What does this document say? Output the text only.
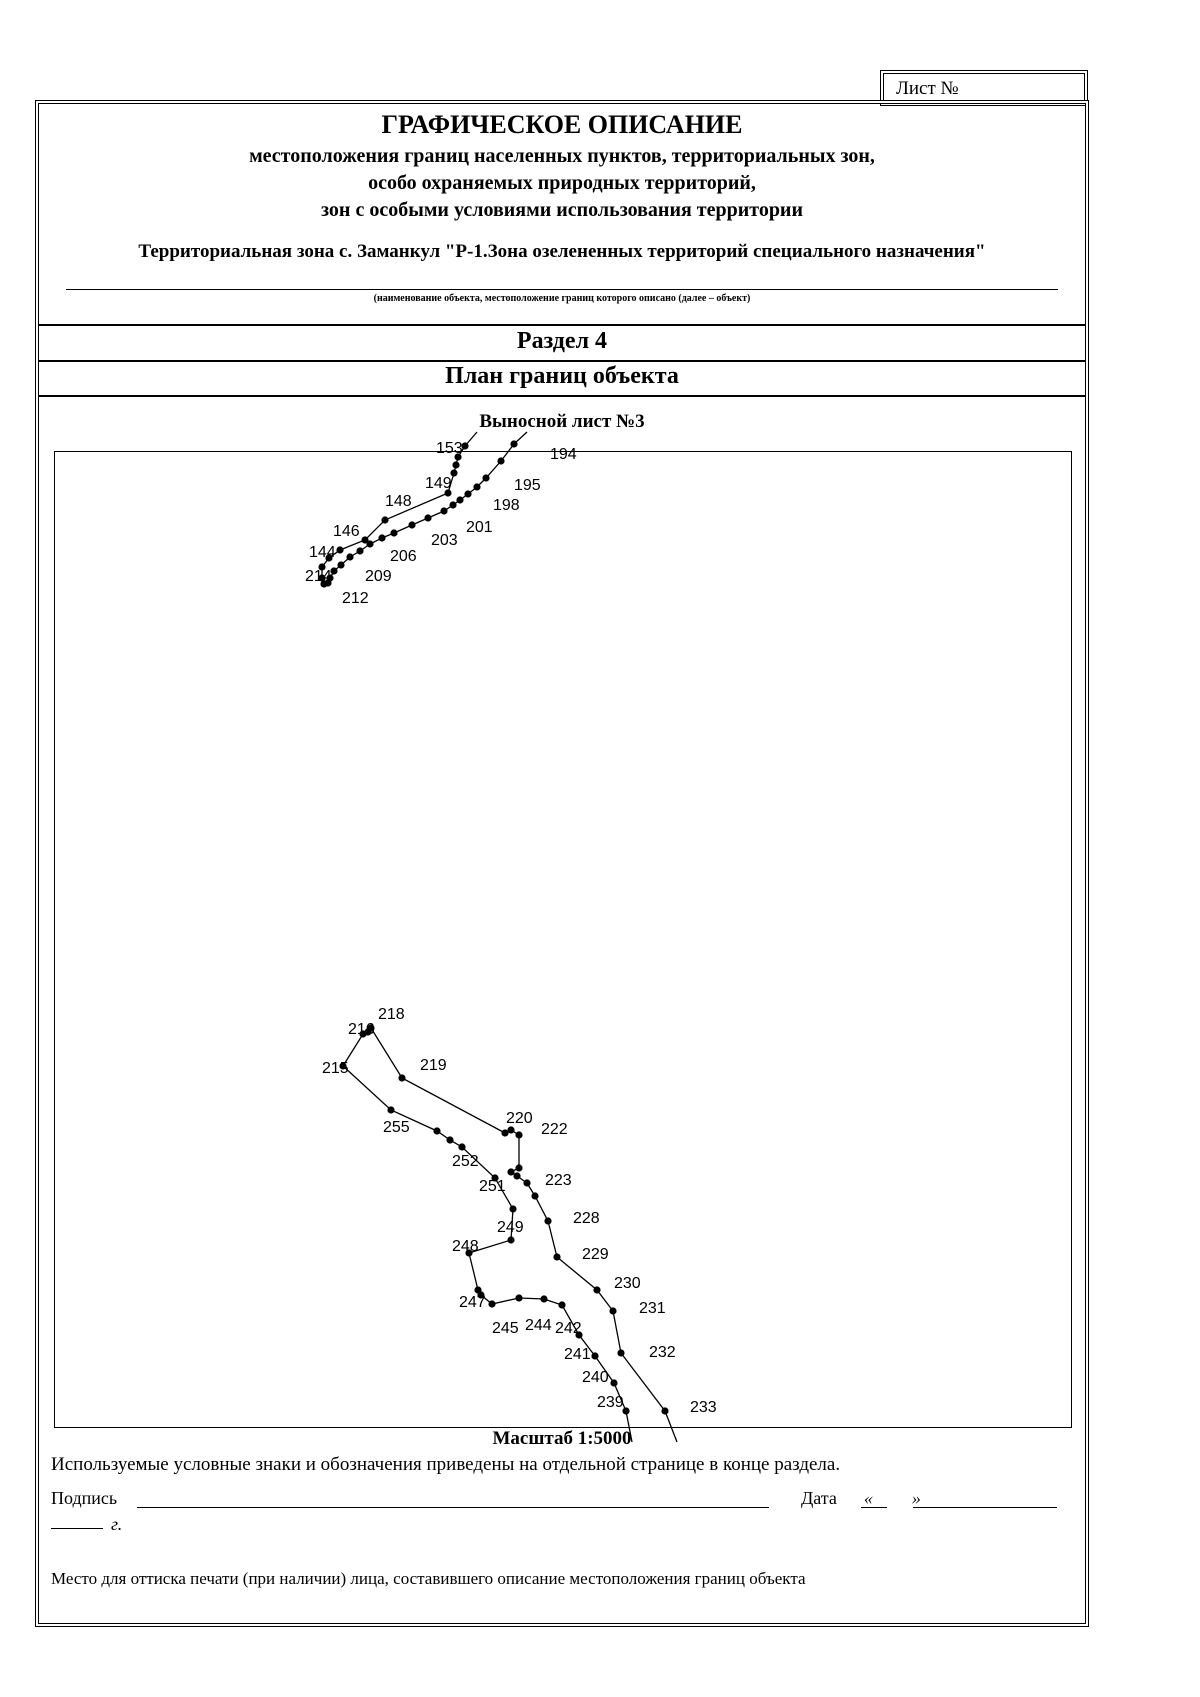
Лист №
ГРАФИЧЕСКОЕ ОПИСАНИЕ
местоположения границ населенных пунктов, территориальных зон,
особо охраняемых природных территорий,
зон с особыми условиями использования территории
Территориальная зона с. Заманкул "Р-1.Зона озелененных территорий специального назначения"
(наименование объекта, местоположение границ которого описано (далее – объект)
Раздел 4
План границ объекта
Выносной лист №3
153	194
149	195
148	198
146	201
203
144	206
214 209
212
218
216
219
215
220
222
255
252
223
251
228
249
248	229
230
247	231
245 244 242
232
241
240
239	233
Масштаб 1:5000
Используемые условные знаки и обозначения приведены на отдельной странице в конце раздела.
Подпись	Дата « »
г.
Место для оттиска печати (при наличии) лица, составившего описание местоположения границ объекта
